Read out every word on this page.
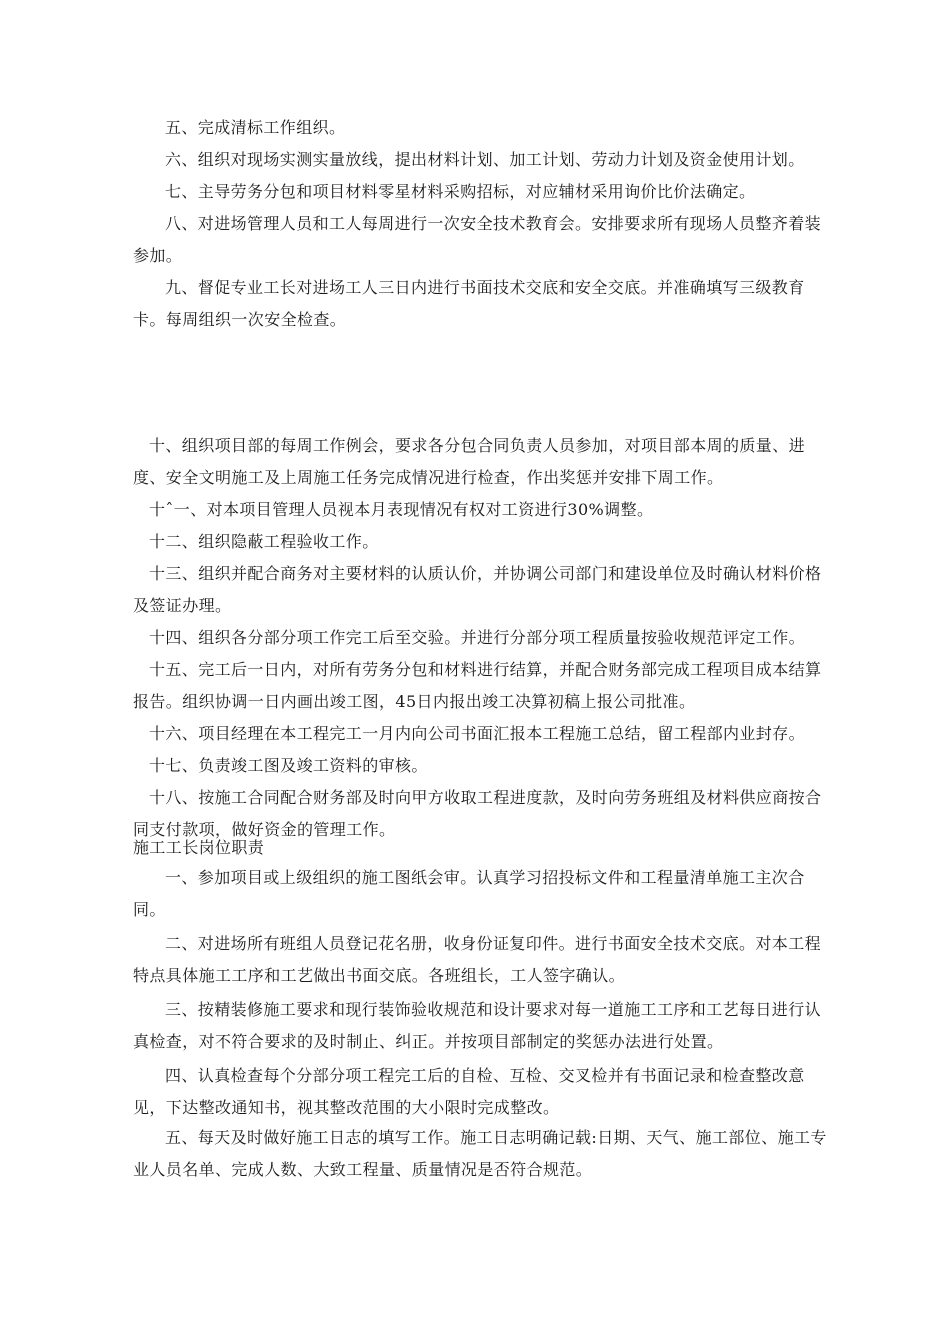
五、完成清标工作组织。

六、组织对现场实测实量放线，提出材料计划、加工计划、劳动力计划及资金使用计划。

七、主导劳务分包和项目材料零星材料采购招标，对应辅材采用询价比价法确定。

八、对进场管理人员和工人每周进行一次安全技术教育会。安排要求所有现场人员整齐着装参加。

九、督促专业工长对进场工人三日内进行书面技术交底和安全交底。并准确填写三级教育卡。每周组织一次安全检查。

十、组织项目部的每周工作例会，要求各分包合同负责人员参加，对项目部本周的质量、进度、安全文明施工及上周施工任务完成情况进行检查，作出奖惩并安排下周工作。

十ˆ一、对本项目管理人员视本月表现情况有权对工资进行30%调整。

十二、组织隐蔽工程验收工作。

十三、组织并配合商务对主要材料的认质认价，并协调公司部门和建设单位及时确认材料价格及签证办理。

十四、组织各分部分项工作完工后至交验。并进行分部分项工程质量按验收规范评定工作。

十五、完工后一日内，对所有劳务分包和材料进行结算，并配合财务部完成工程项目成本结算报告。组织协调一日内画出竣工图，45日内报出竣工决算初稿上报公司批准。

十六、项目经理在本工程完工一月内向公司书面汇报本工程施工总结，留工程部内业封存。

十七、负责竣工图及竣工资料的审核。

十八、按施工合同配合财务部及时向甲方收取工程进度款，及时向劳务班组及材料供应商按合同支付款项，做好资金的管理工作。

施工工长岗位职责

一、参加项目或上级组织的施工图纸会审。认真学习招投标文件和工程量清单施工主次合同。

二、对进场所有班组人员登记花名册，收身份证复印件。进行书面安全技术交底。对本工程特点具体施工工序和工艺做出书面交底。各班组长，工人签字确认。

三、按精装修施工要求和现行装饰验收规范和设计要求对每一道施工工序和工艺每日进行认真检查，对不符合要求的及时制止、纠正。并按项目部制定的奖惩办法进行处置。

四、认真检查每个分部分项工程完工后的自检、互检、交叉检并有书面记录和检查整改意见，下达整改通知书，视其整改范围的大小限时完成整改。

五、每天及时做好施工日志的填写工作。施工日志明确记载:日期、天气、施工部位、施工专业人员名单、完成人数、大致工程量、质量情况是否符合规范。
